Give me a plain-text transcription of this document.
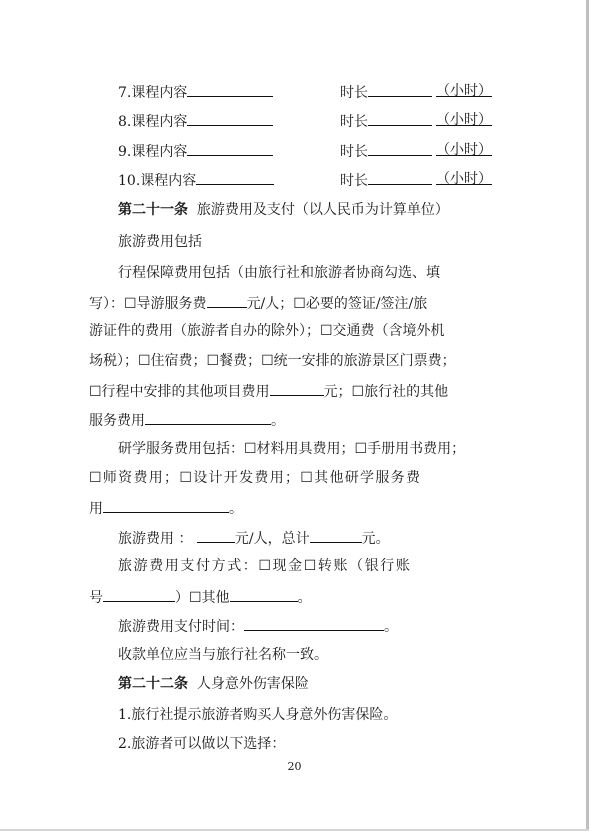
7.课程内容	时长	（小时）
8.课程内容	时长	（小时）
9.课程内容	时长	（小时）
10.课程内容	时长	（小时）
第二十一条 旅游费用及支付（以人民币为计算单位）
旅游费用包括
行程保障费用包括（由旅行社和旅游者协商勾选、填
写）：☐导游服务费	元/人；☐必要的签证/签注/旅
游证件的费用（旅游者自办的除外）；☐交通费（含境外机
场税）；☐住宿费；☐餐费；☐统一安排的旅游景区门票费；
☐行程中安排的其他项目费用	元；☐旅行社的其他
服务费用	。
研学服务费用包括：☐材料用具费用；☐手册用书费用；
☐师资费用；☐设计开发费用；☐其他研学服务费
用	。
旅游费用 ：	元/人，总计	元。
旅游费用支付方式：☐现金☐转账（银行账
号	）☐其他	。
旅游费用支付时间：	。
收款单位应当与旅行社名称一致。
第二十二条 人身意外伤害保险
1.旅行社提示旅游者购买人身意外伤害保险。
2.旅游者可以做以下选择：
20
